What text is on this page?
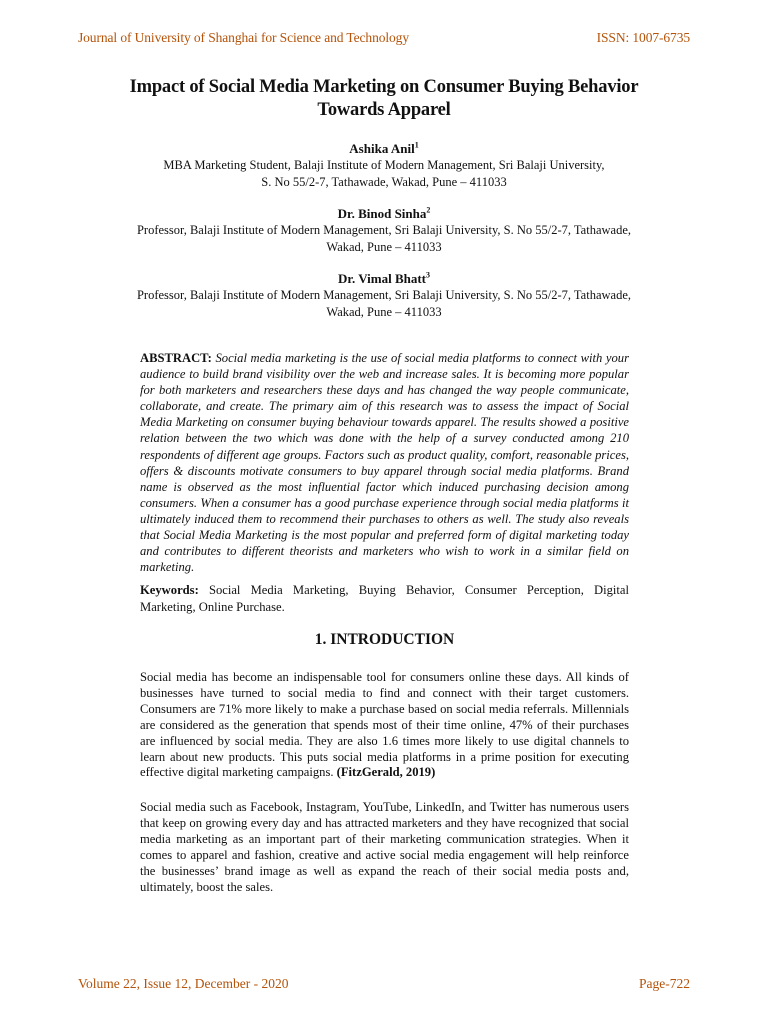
Journal of University of Shanghai for Science and Technology	ISSN: 1007-6735
Impact of Social Media Marketing on Consumer Buying Behavior Towards Apparel
Ashika Anil$^1$
MBA Marketing Student, Balaji Institute of Modern Management, Sri Balaji University,
S. No 55/2-7, Tathawade, Wakad, Pune – 411033
Dr. Binod Sinha$^2$
Professor, Balaji Institute of Modern Management, Sri Balaji University, S. No 55/2-7, Tathawade,
Wakad, Pune – 411033
Dr. Vimal Bhatt$^3$
Professor, Balaji Institute of Modern Management, Sri Balaji University, S. No 55/2-7, Tathawade,
Wakad, Pune – 411033
ABSTRACT: Social media marketing is the use of social media platforms to connect with your audience to build brand visibility over the web and increase sales. It is becoming more popular for both marketers and researchers these days and has changed the way people communicate, collaborate, and create. The primary aim of this research was to assess the impact of Social Media Marketing on consumer buying behaviour towards apparel. The results showed a positive relation between the two which was done with the help of a survey conducted among 210 respondents of different age groups. Factors such as product quality, comfort, reasonable prices, offers & discounts motivate consumers to buy apparel through social media platforms. Brand name is observed as the most influential factor which induced purchasing decision among consumers. When a consumer has a good purchase experience through social media platforms it ultimately induced them to recommend their purchases to others as well. The study also reveals that Social Media Marketing is the most popular and preferred form of digital marketing today and contributes to different theorists and marketers who wish to work in a similar field on marketing.
Keywords: Social Media Marketing, Buying Behavior, Consumer Perception, Digital Marketing, Online Purchase.
1. INTRODUCTION
Social media has become an indispensable tool for consumers online these days. All kinds of businesses have turned to social media to find and connect with their target customers. Consumers are 71% more likely to make a purchase based on social media referrals. Millennials are considered as the generation that spends most of their time online, 47% of their purchases are influenced by social media. They are also 1.6 times more likely to use digital channels to learn about new products. This puts social media platforms in a prime position for executing effective digital marketing campaigns. (FitzGerald, 2019)
Social media such as Facebook, Instagram, YouTube, LinkedIn, and Twitter has numerous users that keep on growing every day and has attracted marketers and they have recognized that social media marketing as an important part of their marketing communication strategies. When it comes to apparel and fashion, creative and active social media engagement will help reinforce the businesses’ brand image as well as expand the reach of their social media posts and, ultimately, boost the sales.
Volume 22, Issue 12, December - 2020	Page-722
